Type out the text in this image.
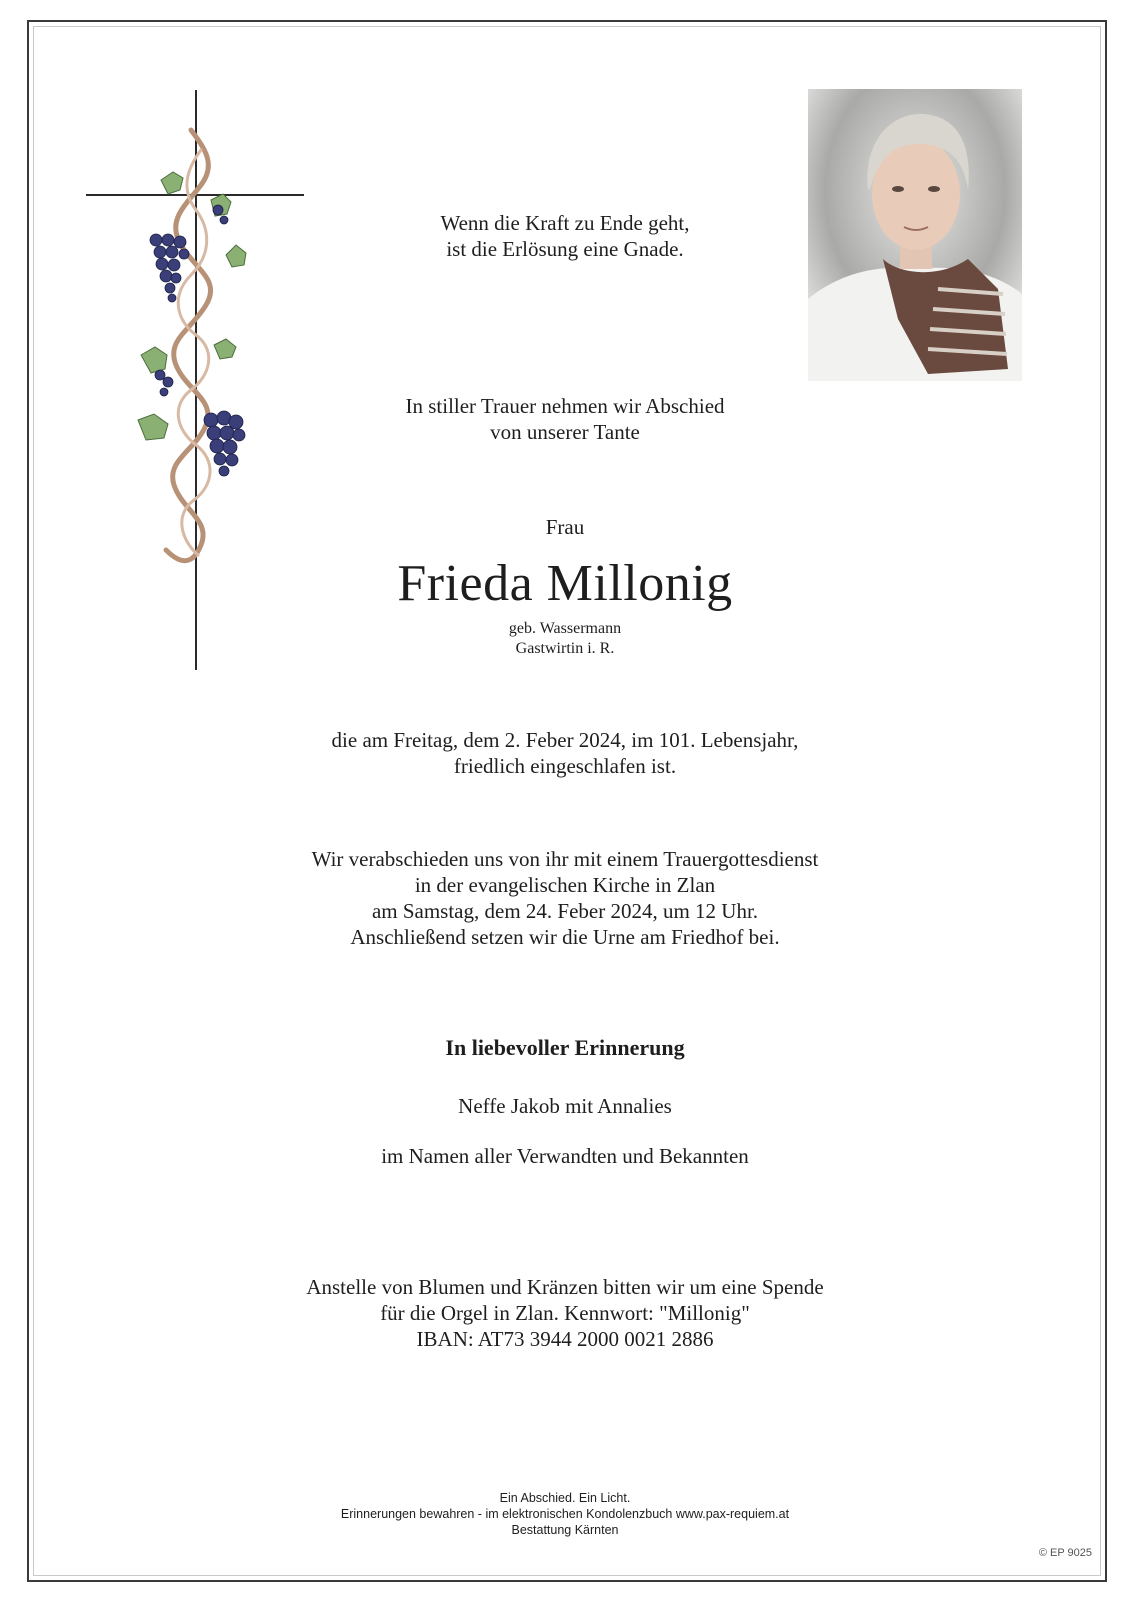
Wenn die Kraft zu Ende geht,
ist die Erlösung eine Gnade.
In stiller Trauer nehmen wir Abschied
von unserer Tante
Frau
Frieda Millonig
geb. Wassermann
Gastwirtin i. R.
die am Freitag, dem 2. Feber 2024, im 101. Lebensjahr,
friedlich eingeschlafen ist.
Wir verabschieden uns von ihr mit einem Trauergottesdienst
in der evangelischen Kirche in Zlan
am Samstag, dem 24. Feber 2024, um 12 Uhr.
Anschließend setzen wir die Urne am Friedhof bei.
In liebevoller Erinnerung
Neffe Jakob mit Annalies
im Namen aller Verwandten und Bekannten
Anstelle von Blumen und Kränzen bitten wir um eine Spende
für die Orgel in Zlan. Kennwort: "Millonig"
IBAN: AT73 3944 2000 0021 2886
Ein Abschied. Ein Licht.
Erinnerungen bewahren - im elektronischen Kondolenzbuch www.pax-requiem.at
Bestattung Kärnten
© EP 9025
